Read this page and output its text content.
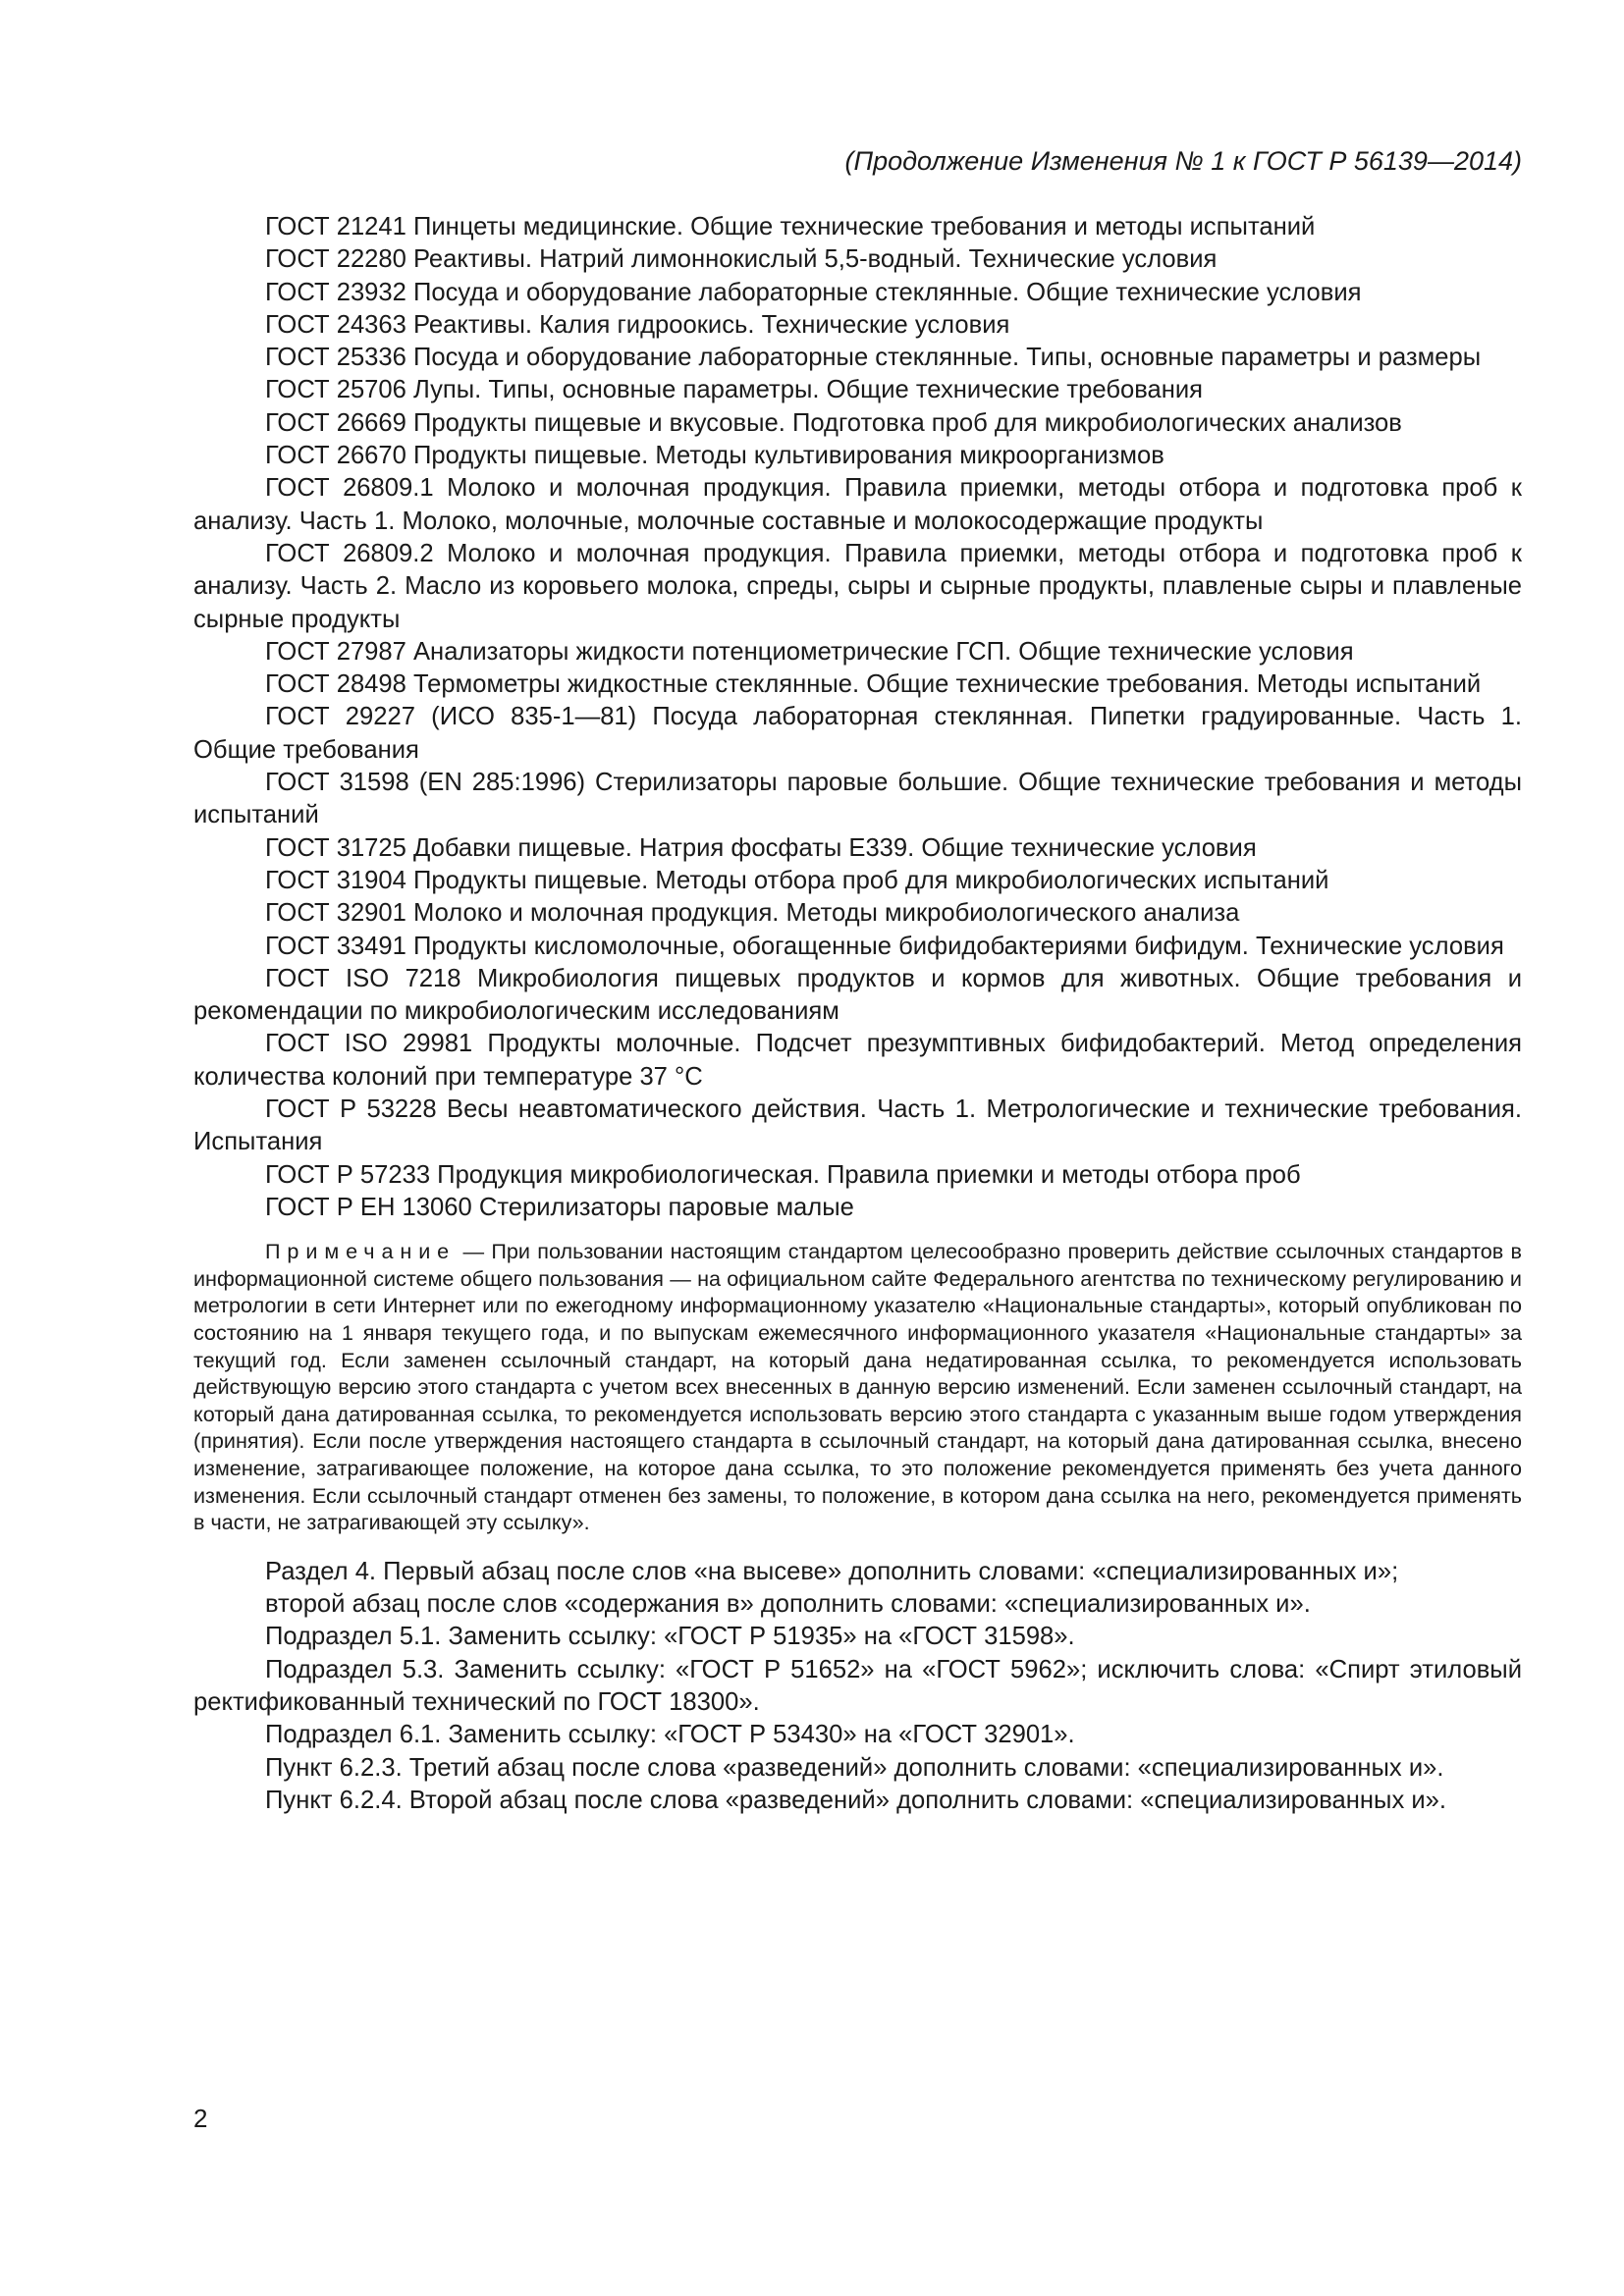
(Продолжение Изменения № 1 к ГОСТ Р 56139—2014)

ГОСТ 21241 Пинцеты медицинские. Общие технические требования и методы испытаний

ГОСТ 22280 Реактивы. Натрий лимоннокислый 5,5-водный. Технические условия

ГОСТ 23932 Посуда и оборудование лабораторные стеклянные. Общие технические условия

ГОСТ 24363 Реактивы. Калия гидроокись. Технические условия

ГОСТ 25336 Посуда и оборудование лабораторные стеклянные. Типы, основные параметры и размеры

ГОСТ 25706 Лупы. Типы, основные параметры. Общие технические требования

ГОСТ 26669 Продукты пищевые и вкусовые. Подготовка проб для микробиологических анализов

ГОСТ 26670 Продукты пищевые. Методы культивирования микроорганизмов

ГОСТ 26809.1 Молоко и молочная продукция. Правила приемки, методы отбора и подготовка проб к анализу. Часть 1. Молоко, молочные, молочные составные и молокосодержащие продукты

ГОСТ 26809.2 Молоко и молочная продукция. Правила приемки, методы отбора и подготовка проб к анализу. Часть 2. Масло из коровьего молока, спреды, сыры и сырные продукты, плавленые сыры и плавленые сырные продукты

ГОСТ 27987 Анализаторы жидкости потенциометрические ГСП. Общие технические условия

ГОСТ 28498 Термометры жидкостные стеклянные. Общие технические требования. Методы испытаний

ГОСТ 29227 (ИСО 835-1—81) Посуда лабораторная стеклянная. Пипетки градуированные. Часть 1. Общие требования

ГОСТ 31598 (EN 285:1996) Стерилизаторы паровые большие. Общие технические требования и методы испытаний

ГОСТ 31725 Добавки пищевые. Натрия фосфаты Е339. Общие технические условия

ГОСТ 31904 Продукты пищевые. Методы отбора проб для микробиологических испытаний

ГОСТ 32901 Молоко и молочная продукция. Методы микробиологического анализа

ГОСТ 33491 Продукты кисломолочные, обогащенные бифидобактериями бифидум. Технические условия

ГОСТ ISO 7218 Микробиология пищевых продуктов и кормов для животных. Общие требования и рекомендации по микробиологическим исследованиям

ГОСТ ISO 29981 Продукты молочные. Подсчет презумптивных бифидобактерий. Метод определения количества колоний при температуре 37 °С

ГОСТ Р 53228 Весы неавтоматического действия. Часть 1. Метрологические и технические требования. Испытания

ГОСТ Р 57233 Продукция микробиологическая. Правила приемки и методы отбора проб

ГОСТ Р ЕН 13060 Стерилизаторы паровые малые

Примечание — При пользовании настоящим стандартом целесообразно проверить действие ссылочных стандартов в информационной системе общего пользования — на официальном сайте Федерального агентства по техническому регулированию и метрологии в сети Интернет или по ежегодному информационному указателю «Национальные стандарты», который опубликован по состоянию на 1 января текущего года, и по выпускам ежемесячного информационного указателя «Национальные стандарты» за текущий год. Если заменен ссылочный стандарт, на который дана недатированная ссылка, то рекомендуется использовать действующую версию этого стандарта с учетом всех внесенных в данную версию изменений. Если заменен ссылочный стандарт, на который дана датированная ссылка, то рекомендуется использовать версию этого стандарта с указанным выше годом утверждения (принятия). Если после утверждения настоящего стандарта в ссылочный стандарт, на который дана датированная ссылка, внесено изменение, затрагивающее положение, на которое дана ссылка, то это положение рекомендуется применять без учета данного изменения. Если ссылочный стандарт отменен без замены, то положение, в котором дана ссылка на него, рекомендуется применять в части, не затрагивающей эту ссылку».

Раздел 4. Первый абзац после слов «на высеве» дополнить словами: «специализированных и»;

второй абзац после слов «содержания в» дополнить словами: «специализированных и».

Подраздел 5.1. Заменить ссылку: «ГОСТ Р 51935» на «ГОСТ 31598».

Подраздел 5.3. Заменить ссылку: «ГОСТ Р 51652» на «ГОСТ 5962»; исключить слова: «Спирт этиловый ректификованный технический по ГОСТ 18300».

Подраздел 6.1. Заменить ссылку: «ГОСТ Р 53430» на «ГОСТ 32901».

Пункт 6.2.3. Третий абзац после слова «разведений» дополнить словами: «специализированных и».

Пункт 6.2.4. Второй абзац после слова «разведений» дополнить словами: «специализированных и».

2
